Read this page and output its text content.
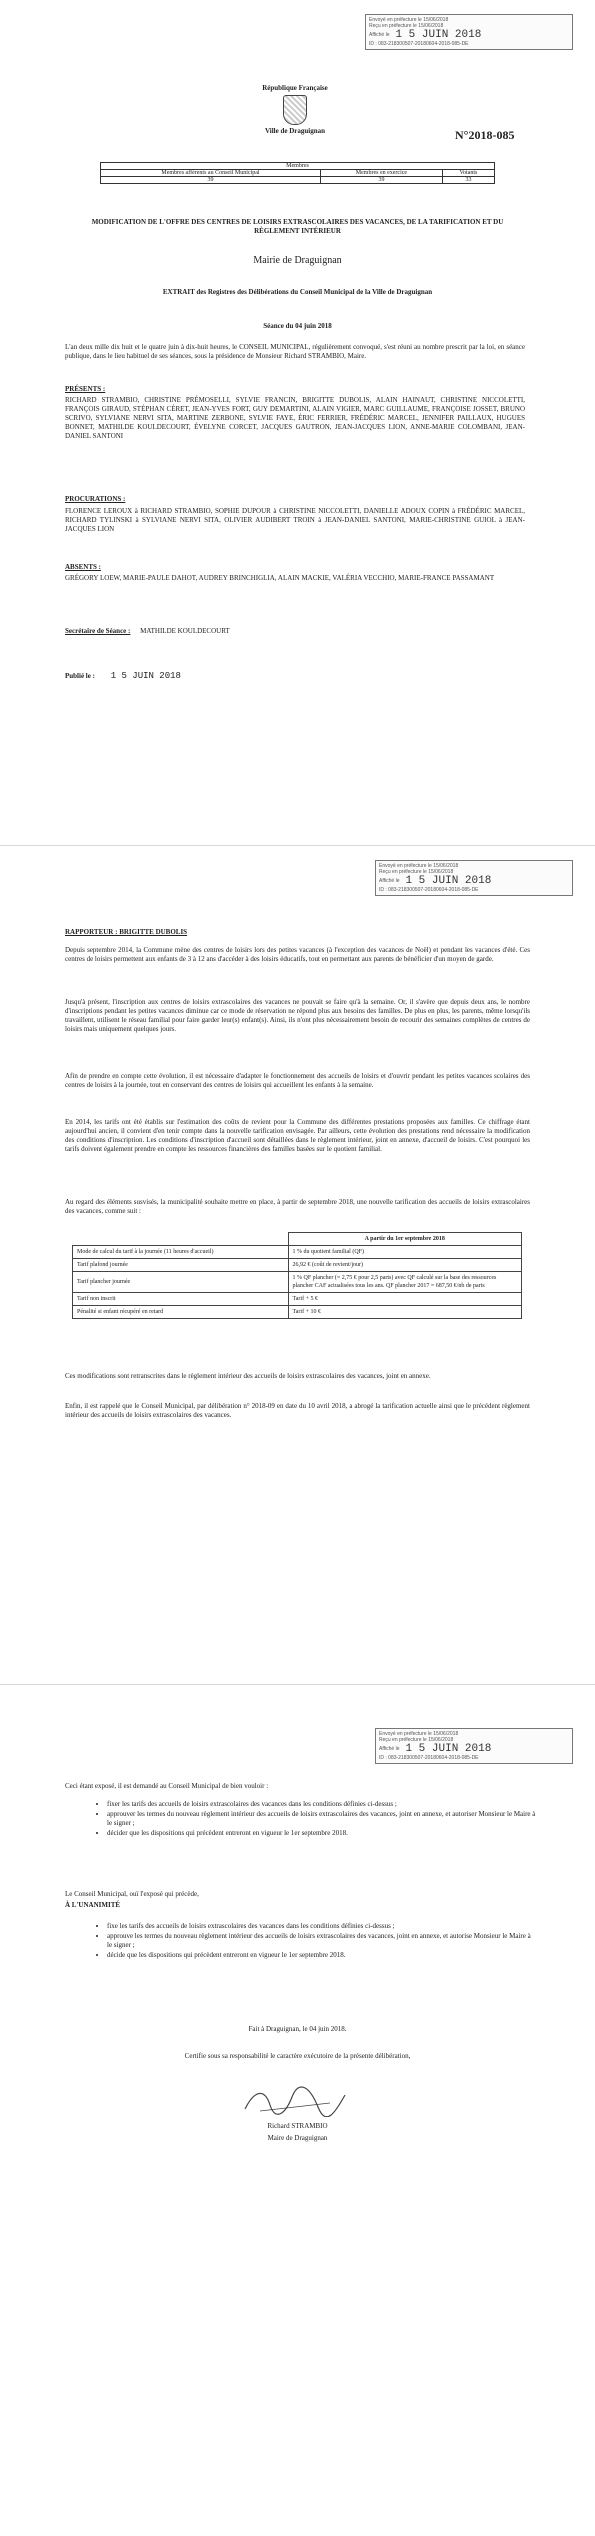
Envoyé en préfecture le 15/06/2018
Reçu en préfecture le 15/06/2018
Affiché le 1 5 JUIN 2018
ID : 083-218300507-20180604-2018-085-DE
République Française
Ville de Draguignan	N°2018-085
Membres		
Membres afférents au Conseil Municipal	Membres en exercice	Votants
39	39	33
MODIFICATION DE L'OFFRE DES CENTRES DE LOISIRS EXTRASCOLAIRES DES VACANCES, DE LA TARIFICATION ET DU RÈGLEMENT INTÉRIEUR
Mairie de Draguignan
EXTRAIT des Registres des Délibérations du Conseil Municipal de la Ville de Draguignan
Séance du 04 juin 2018
L'an deux mille dix huit et le quatre juin à dix-huit heures, le CONSEIL MUNICIPAL, régulièrement convoqué, s'est réuni au nombre prescrit par la loi, en séance publique, dans le lieu habituel de ses séances, sous la présidence de Monsieur Richard STRAMBIO, Maire.
PRÉSENTS :
RICHARD STRAMBIO, CHRISTINE PRÉMOSELLI, SYLVIE FRANCIN, BRIGITTE DUBOLIS, ALAIN HAINAUT, CHRISTINE NICCOLETTI, FRANÇOIS GIRAUD, STÉPHAN CÉRET, JEAN-YVES FORT, GUY DEMARTINI, ALAIN VIGIER, MARC GUILLAUME, FRANÇOISE JOSSET, BRUNO SCRIVO, SYLVIANE NERVI SITA, MARTINE ZERBONE, SYLVIE FAYE, ÉRIC FERRIER, FRÉDÉRIC MARCEL, JENNIFER PAILLAUX, HUGUES BONNET, MATHILDE KOULDECOURT, ÉVELYNE CORCET, JACQUES GAUTRON, JEAN-JACQUES LION, ANNE-MARIE COLOMBANI, JEAN-DANIEL SANTONI
PROCURATIONS :
FLORENCE LEROUX à RICHARD STRAMBIO, SOPHIE DUPOUR à CHRISTINE NICCOLETTI, DANIELLE ADOUX COPIN à FRÉDÉRIC MARCEL, RICHARD TYLINSKI à SYLVIANE NERVI SITA, OLIVIER AUDIBERT TROIN à JEAN-DANIEL SANTONI, MARIE-CHRISTINE GUIOL à JEAN-JACQUES LION
ABSENTS :
GRÉGORY LOEW, MARIE-PAULE DAHOT, AUDREY BRINCHIGLIA, ALAIN MACKIE, VALÉRIA VECCHIO, MARIE-FRANCE PASSAMANT
Secrétaire de Séance : MATHILDE KOULDECOURT
Publié le : 1 5 JUIN 2018
Envoyé en préfecture le 15/06/2018
Reçu en préfecture le 15/06/2018
Affiché le 1 5 JUIN 2018
ID : 083-218300507-20180604-2018-085-DE
RAPPORTEUR : BRIGITTE DUBOLIS
Depuis septembre 2014, la Commune mène des centres de loisirs lors des petites vacances (à l'exception des vacances de Noël) et pendant les vacances d'été. Ces centres de loisirs permettent aux enfants de 3 à 12 ans d'accéder à des loisirs éducatifs, tout en permettant aux parents de bénéficier d'un moyen de garde.
Jusqu'à présent, l'inscription aux centres de loisirs extrascolaires des vacances ne pouvait se faire qu'à la semaine. Or, il s'avère que depuis deux ans, le nombre d'inscriptions pendant les petites vacances diminue car ce mode de réservation ne répond plus aux besoins des familles. De plus en plus, les parents, même lorsqu'ils travaillent, utilisent le réseau familial pour faire garder leur(s) enfant(s). Ainsi, ils n'ont plus nécessairement besoin de recourir des semaines complètes de centres de loisirs mais uniquement quelques jours.
Afin de prendre en compte cette évolution, il est nécessaire d'adapter le fonctionnement des accueils de loisirs et d'ouvrir pendant les petites vacances scolaires des centres de loisirs à la journée, tout en conservant des centres de loisirs qui accueillent les enfants à la semaine.
En 2014, les tarifs ont été établis sur l'estimation des coûts de revient pour la Commune des différentes prestations proposées aux familles. Ce chiffrage étant aujourd'hui ancien, il convient d'en tenir compte dans la nouvelle tarification envisagée. Par ailleurs, cette évolution des prestations rend nécessaire la modification des conditions d'inscription. Les conditions d'inscription d'accueil sont détaillées dans le règlement intérieur, joint en annexe, d'accueil de loisirs. C'est pourquoi les tarifs doivent également prendre en compte les ressources financières des familles basées sur le quotient familial.
Au regard des éléments susvisés, la municipalité souhaite mettre en place, à partir de septembre 2018, une nouvelle tarification des accueils de loisirs extrascolaires des vacances, comme suit :
	A partir du 1er septembre 2018
Mode de calcul du tarif à la journée (11 heures d'accueil)	1 % du quotient familial (QF)
Tarif plafond journée	26,92 € (coût de revient/jour)
Tarif plancher journée	1 % QF plancher (= 2,75 € pour 2,5 parts) avec QF calculé sur la base des ressources plancher CAF actualisées tous les ans. QF plancher 2017 = 687,50 €/nb de parts
Tarif non inscrit	Tarif + 5 €
Pénalité si enfant récupéré en retard	Tarif + 10 €
Ces modifications sont retranscrites dans le règlement intérieur des accueils de loisirs extrascolaires des vacances, joint en annexe.
Enfin, il est rappelé que le Conseil Municipal, par délibération n° 2018-09 en date du 10 avril 2018, a abrogé la tarification actuelle ainsi que le précédent règlement intérieur des accueils de loisirs extrascolaires des vacances.
Envoyé en préfecture le 15/06/2018
Reçu en préfecture le 15/06/2018
Affiché le 1 5 JUIN 2018
ID : 083-218300507-20180604-2018-085-DE
Ceci étant exposé, il est demandé au Conseil Municipal de bien vouloir :
• fixer les tarifs des accueils de loisirs extrascolaires des vacances dans les conditions définies ci-dessus ;
• approuver les termes du nouveau règlement intérieur des accueils de loisirs extrascolaires des vacances, joint en annexe, et autoriser Monsieur le Maire à le signer ;
• décider que les dispositions qui précèdent entreront en vigueur le 1er septembre 2018.
Le Conseil Municipal, ouï l'exposé qui précède,
À L'UNANIMITÉ
• fixe les tarifs des accueils de loisirs extrascolaires des vacances dans les conditions définies ci-dessus ;
• approuve les termes du nouveau règlement intérieur des accueils de loisirs extrascolaires des vacances, joint en annexe, et autorise Monsieur le Maire à le signer ;
• décide que les dispositions qui précèdent entreront en vigueur le 1er septembre 2018.
Fait à Draguignan, le 04 juin 2018.
Certifie sous sa responsabilité le caractère exécutoire de la présente délibération,
Richard STRAMBIO
Maire de Draguignan
